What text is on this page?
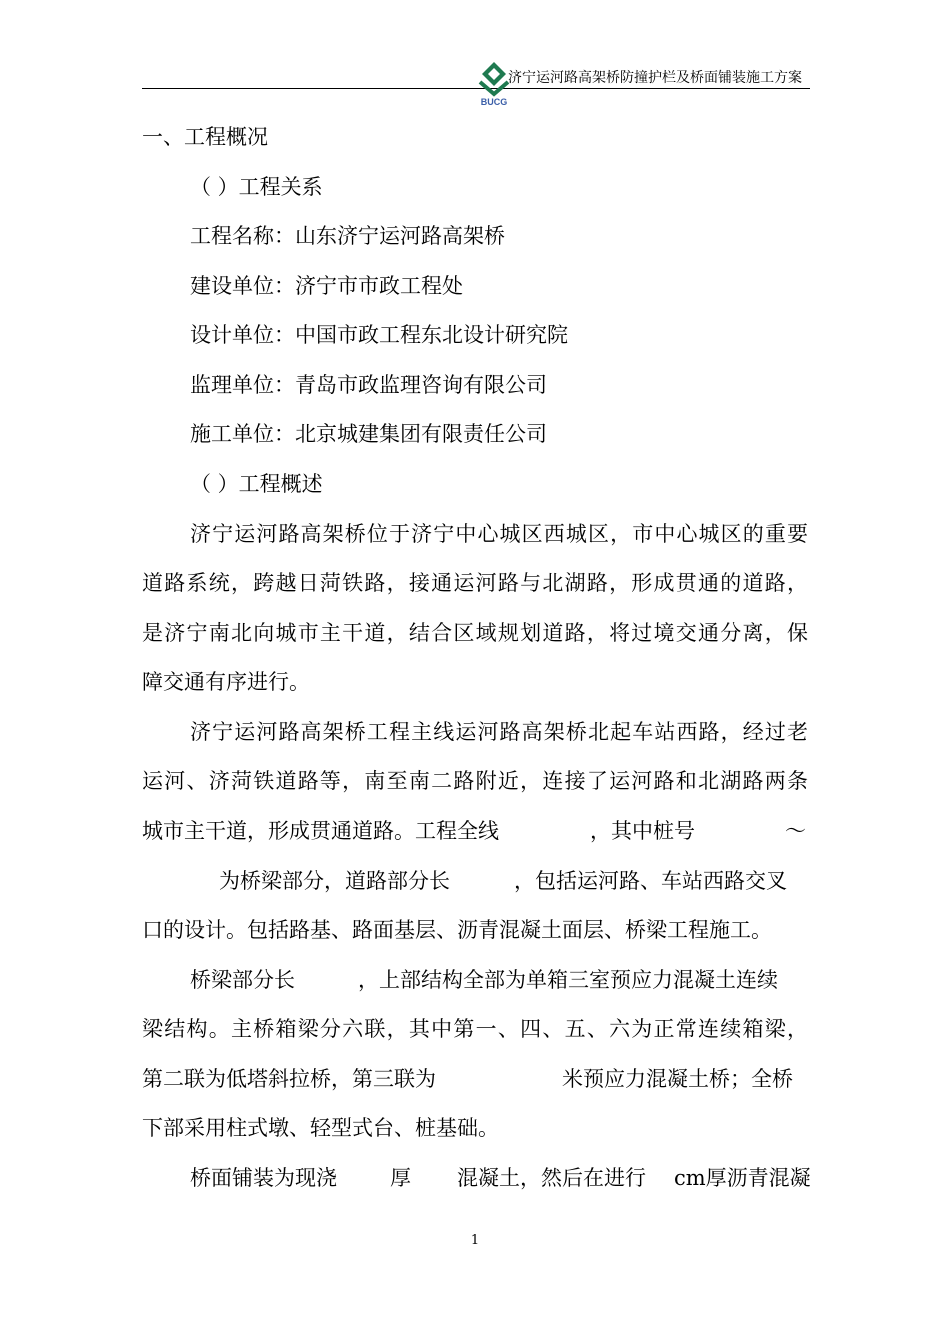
BUCG
济宁运河路高架桥防撞护栏及桥面铺装施工方案
一、工程概况
（ ）工程关系
工程名称：山东济宁运河路高架桥
建设单位：济宁市市政工程处
设计单位：中国市政工程东北设计研究院
监理单位：青岛市政监理咨询有限公司
施工单位：北京城建集团有限责任公司
（ ）工程概述
济宁运河路高架桥位于济宁中心城区西城区，市中心城区的重要
道路系统，跨越日菏铁路，接通运河路与北湖路，形成贯通的道路，
是济宁南北向城市主干道，结合区域规划道路，将过境交通分离，保
障交通有序进行。
济宁运河路高架桥工程主线运河路高架桥北起车站西路，经过老
运河、济菏铁道路等，南至南二路附近，连接了运河路和北湖路两条
城市主干道，形成贯通道路。工程全线	，其中桩号	～
为桥梁部分，道路部分长	，包括运河路、车站西路交叉
口的设计。包括路基、路面基层、沥青混凝土面层、桥梁工程施工。
桥梁部分长	，上部结构全部为单箱三室预应力混凝土连续
梁结构。主桥箱梁分六联，其中第一、四、五、六为正常连续箱梁，
第二联为低塔斜拉桥，第三联为	米预应力混凝土桥；全桥
下部采用柱式墩、轻型式台、桩基础。
桥面铺装为现浇	厚 混凝土，然后在进行 cm厚沥青混凝
1
